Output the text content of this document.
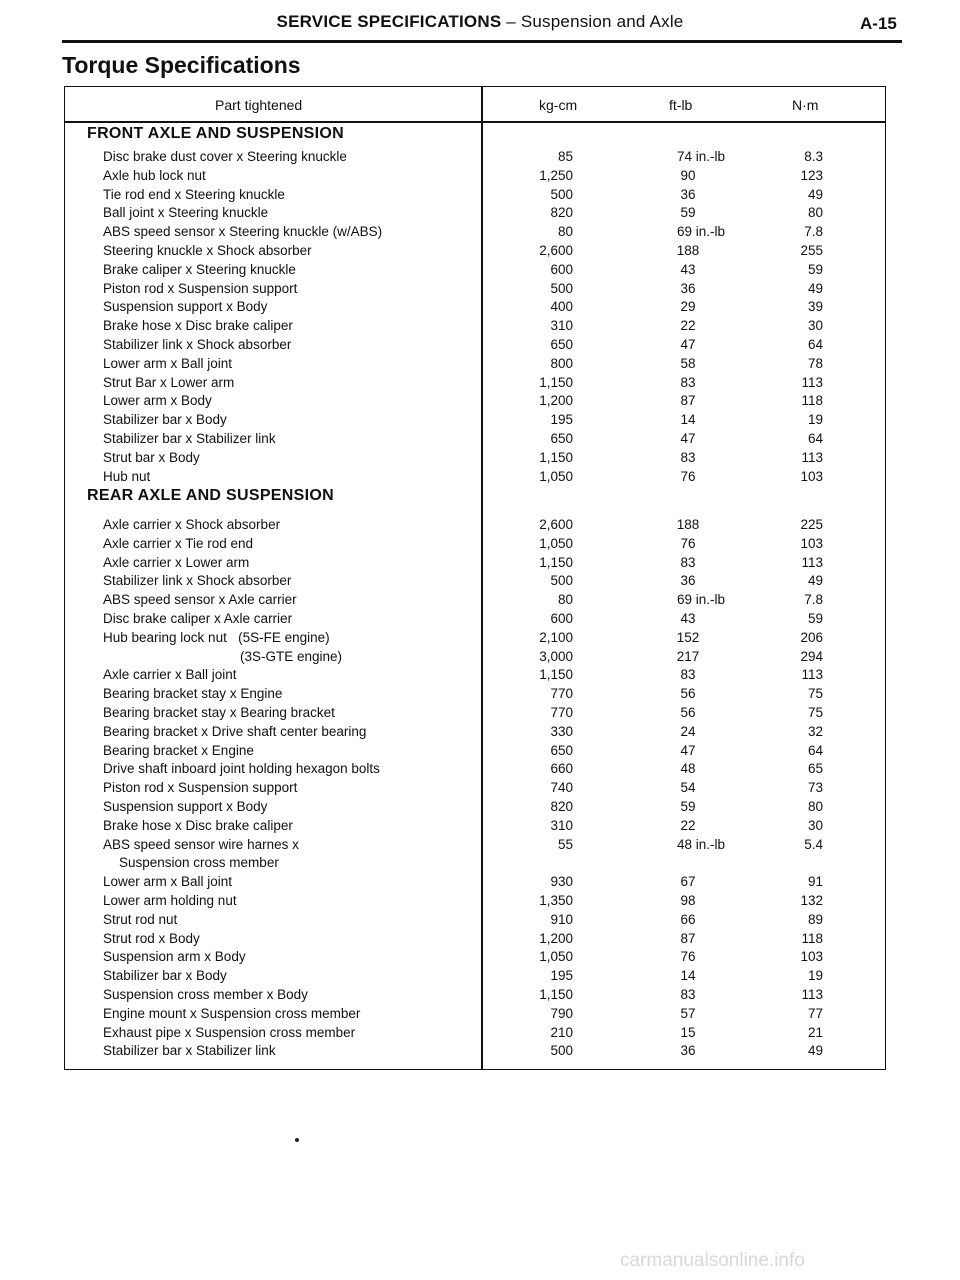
SERVICE SPECIFICATIONS – Suspension and Axle	A-15
Torque Specifications
Part tightened	kg-cm	ft-lb	N·m
FRONT AXLE AND SUSPENSION
Disc brake dust cover x Steering knuckle	85	74 in.-lb	8.3
Axle hub lock nut	1,250	90	123
Tie rod end x Steering knuckle	500	36	49
Ball joint x Steering knuckle	820	59	80
ABS speed sensor x Steering knuckle (w/ABS)	80	69 in.-lb	7.8
Steering knuckle x Shock absorber	2,600	188	255
Brake caliper x Steering knuckle	600	43	59
Piston rod x Suspension support	500	36	49
Suspension support x Body	400	29	39
Brake hose x Disc brake caliper	310	22	30
Stabilizer link x Shock absorber	650	47	64
Lower arm x Ball joint	800	58	78
Strut Bar x Lower arm	1,150	83	113
Lower arm x Body	1,200	87	118
Stabilizer bar x Body	195	14	19
Stabilizer bar x Stabilizer link	650	47	64
Strut bar x Body	1,150	83	113
Hub nut	1,050	76	103
REAR AXLE AND SUSPENSION
Axle carrier x Shock absorber	2,600	188	225
Axle carrier x Tie rod end	1,050	76	103
Axle carrier x Lower arm	1,150	83	113
Stabilizer link x Shock absorber	500	36	49
ABS speed sensor x Axle carrier	80	69 in.-lb	7.8
Disc brake caliper x Axle carrier	600	43	59
Hub bearing lock nut   (5S-FE engine)	2,100	152	206
(3S-GTE engine)	3,000	217	294
Axle carrier x Ball joint	1,150	83	113
Bearing bracket stay x Engine	770	56	75
Bearing bracket stay x Bearing bracket	770	56	75
Bearing bracket x Drive shaft center bearing	330	24	32
Bearing bracket x Engine	650	47	64
Drive shaft inboard joint holding hexagon bolts	660	48	65
Piston rod x Suspension support	740	54	73
Suspension support x Body	820	59	80
Brake hose x Disc brake caliper	310	22	30
ABS speed sensor wire harnes x	55	48 in.-lb	5.4
Suspension cross member
Lower arm x Ball joint	930	67	91
Lower arm holding nut	1,350	98	132
Strut rod nut	910	66	89
Strut rod x Body	1,200	87	118
Suspension arm x Body	1,050	76	103
Stabilizer bar x Body	195	14	19
Suspension cross member x Body	1,150	83	113
Engine mount x Suspension cross member	790	57	77
Exhaust pipe x Suspension cross member	210	15	21
Stabilizer bar x Stabilizer link	500	36	49
carmanualsonline.info
